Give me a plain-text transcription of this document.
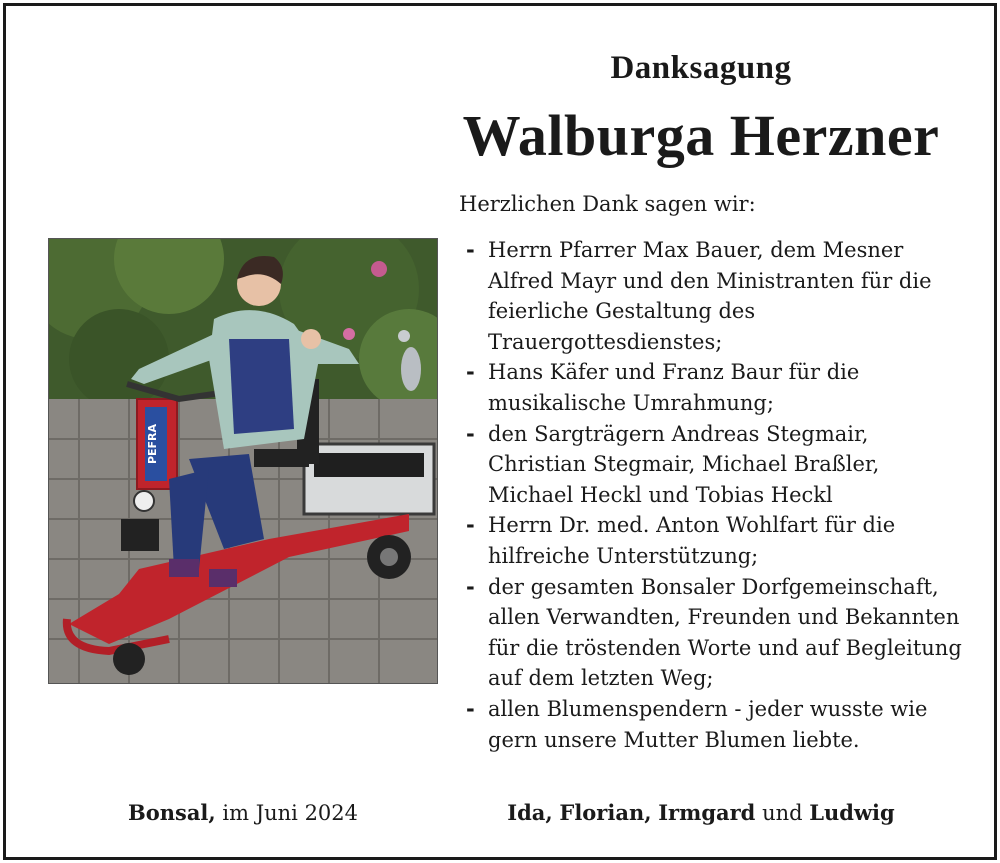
Danksagung
Walburga Herzner
PEFRA
Herzlichen Dank sagen wir:
- Herrn Pfarrer Max Bauer, dem Mesner Alfred Mayr und den Ministranten für die feierliche Gestaltung des Trauergottesdienstes;
- Hans Käfer und Franz Baur für die musikalische Umrahmung;
- den Sargträgern Andreas Stegmair, Christian Stegmair, Michael Braßler, Michael Heckl und Tobias Heckl
- Herrn Dr. med. Anton Wohlfart für die hilfreiche Unterstützung;
- der gesamten Bonsaler Dorfgemeinschaft, allen Verwandten, Freunden und Bekannten für die tröstenden Worte und auf Begleitung auf dem letzten Weg;
- allen Blumenspendern - jeder wusste wie gern unsere Mutter Blumen liebte.
Bonsal, im Juni 2024	Ida, Florian, Irmgard und Ludwig
